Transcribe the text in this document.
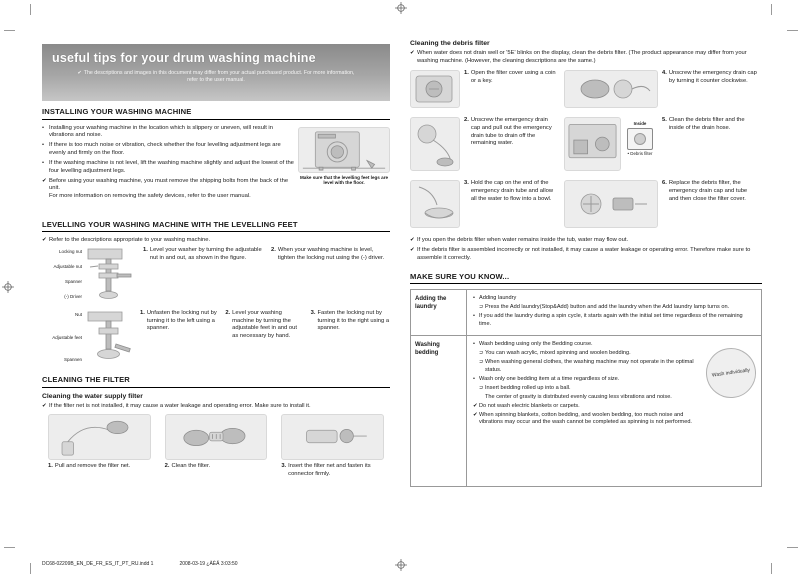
useful tips for your drum washing machine
✔ The descriptions and images in this document may differ from your actual purchased product. For more information, refer to the user manual.
INSTALLING YOUR WASHING MACHINE
• Installing your washing machine in the location which is slippery or uneven, will result in vibrations and noise.
• If there is too much noise or vibration, check whether the four levelling adjustment legs are evenly and firmly on the floor.
• If the washing machine is not level, lift the washing machine slightly and adjust the lowest of the four levelling adjustment legs.
✔ Before using your washing machine, you must remove the shipping bolts from the back of the unit.
For more information on removing the safety devices, refer to the user manual.
Make sure that the levelling feet legs are level with the floor.
LEVELLING YOUR WASHING MACHINE WITH THE LEVELLING FEET
✔ Refer to the descriptions appropriate to your washing machine.
Locking nut
Adjustable nut
Spanner
(-) Driver
1. Level your washer by turning the adjustable nut in and out, as shown in the figure.
2. When your washing machine is level, tighten the locking nut using the (-) driver.
Nut
Adjustable feet
Spannen
1. Unfasten the locking nut by turning it to the left using a spanner.
2. Level your washing machine by turning the adjustable feet in and out as necessary by hand.
3. Fasten the locking nut by turning it to the right using a spanner.
CLEANING THE FILTER
Cleaning the water supply filter
✔ If the filter net is not installed, it may cause a water leakage and operating error. Make sure to install it.
1. Pull and remove the filter net.	2. Clean the filter.	3. Insert the filter net and fasten its connector firmly.
Cleaning the debris filter
✔ When water does not drain well or '5E' blinks on the display, clean the debris filter. (The product appearance may differ from your washing machine. (However, the cleaning descriptions are the same.)
1. Open the filter cover using a coin or a key.
4. Unscrew the emergency drain cap by turning it counter clockwise.
2. Unscrew the emergency drain cap and pull out the emergency drain tube to drain off the remaining water.
Inside
• Debris filter
5. Clean the debris filter and the inside of the drain hose.
3. Hold the cap on the end of the emergency drain tube and allow all the water to flow into a bowl.
6. Replace the debris filter, the emergency drain cap and tube and then close the filter cover.
✔ If you open the debris filter when water remains inside the tub, water may flow out.
✔ If the debris filter is assembled incorrectly or not installed, it may cause a water leakage or operating error. Therefore make sure to assemble it correctly.
MAKE SURE YOU KNOW...
Adding the laundry
• Adding laundry
⊃ Press the Add laundry(Stop&Add) button and add the laundry when the Add laundry lamp turns on.
• If you add the laundry during a spin cycle, it starts again with the initial set time regardless of the remaining time.
Washing bedding
• Wash bedding using only the Bedding course.
⊃ You can wash acrylic, mixed spinning and woolen bedding.
⊃ When washing general clothes, the washing machine may not operate in the optimal status.
• Wash only one bedding item at a time regardless of size.
⊃ Insert bedding rolled up into a ball.
The center of gravity is distributed evenly causing less vibrations and noise.
✔ Do not wash electric blankets or carpets.
✔ When spinning blankets, cotton bedding, and woolen bedding, too much noise and vibrations may occur and the wash cannot be completed as spinning is not performed.
Wash individually
DC68-02209B_EN_DE_FR_ES_IT_PT_RU.indd 1	2008-03-19 ¿ÀÈÄ 3:03:50
